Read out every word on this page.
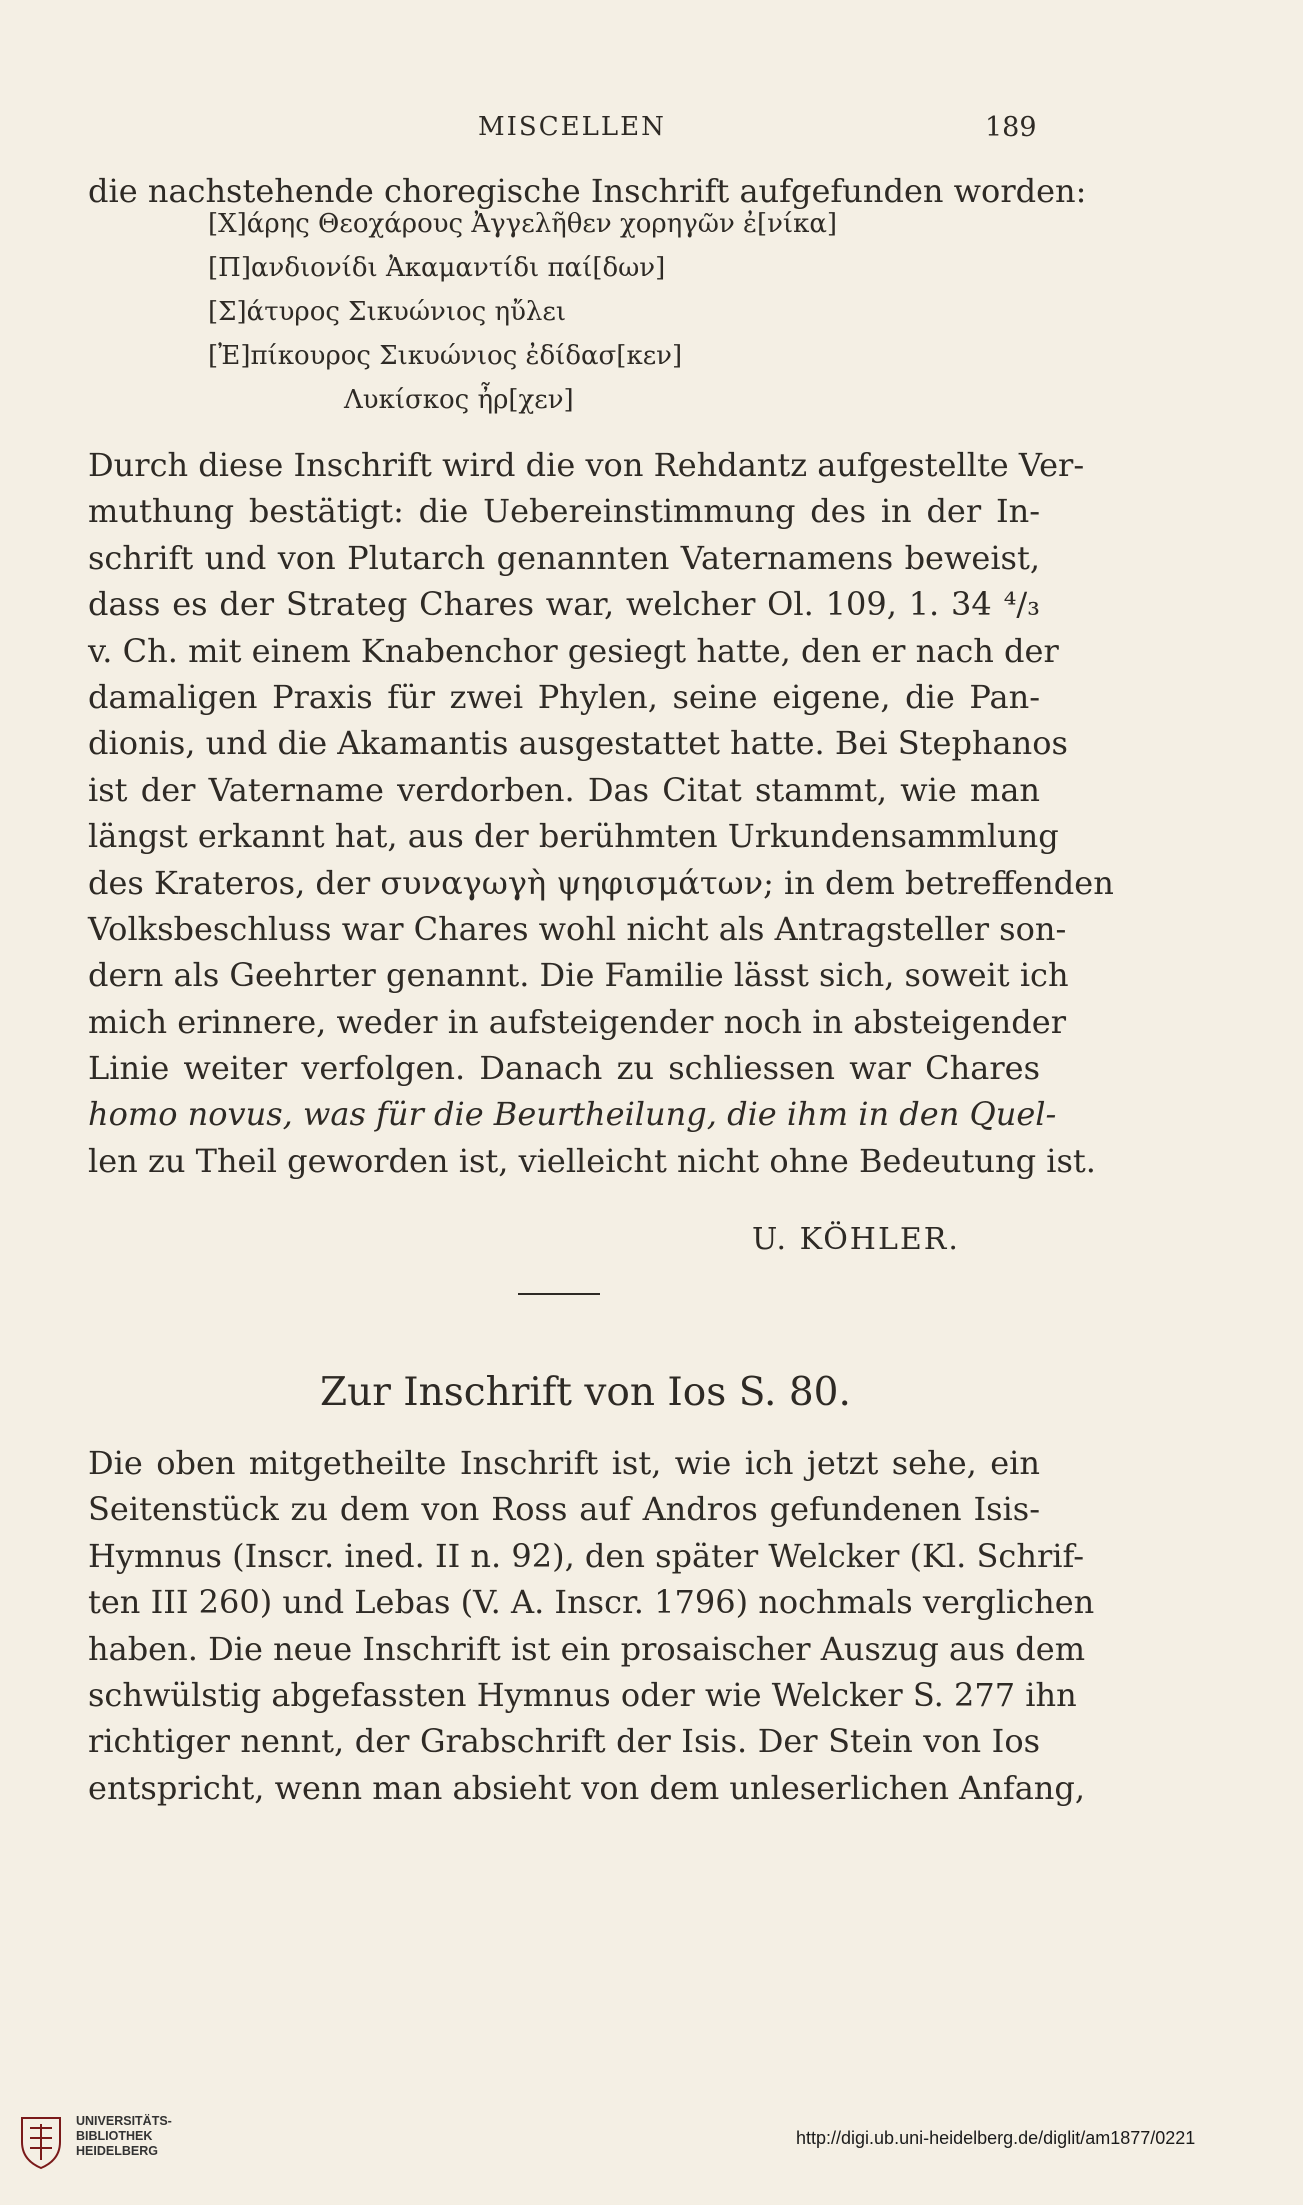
MISCELLEN	189
die nachstehende choregische Inschrift aufgefunden worden:
[Χ]άρης Θεοχάρους Ἀγγελῆθεν χορηγῶν ἐ[νίκα]
[Π]ανδιονίδι Ἀκαμαντίδι παί[δων]
[Σ]άτυρος Σικυώνιος ηὔλει
[Ἐ]πίκουρος Σικυώνιος ἐδίδασ[κεν]
Λυκίσκος ἦρ[χεν]
Durch diese Inschrift wird die von Rehdantz aufgestellte Ver-
muthung bestätigt: die Uebereinstimmung des in der In-
schrift und von Plutarch genannten Vaternamens beweist,
dass es der Strateg Chares war, welcher Ol. 109, 1. 34 ⁴/₃
v. Ch. mit einem Knabenchor gesiegt hatte, den er nach der
damaligen Praxis für zwei Phylen, seine eigene, die Pan-
dionis, und die Akamantis ausgestattet hatte. Bei Stephanos
ist der Vatername verdorben. Das Citat stammt, wie man
längst erkannt hat, aus der berühmten Urkundensammlung
des Krateros, der συναγωγὴ ψηφισμάτων; in dem betreffenden
Volksbeschluss war Chares wohl nicht als Antragsteller son-
dern als Geehrter genannt. Die Familie lässt sich, soweit ich
mich erinnere, weder in aufsteigender noch in absteigender
Linie weiter verfolgen. Danach zu schliessen war Chares
homo novus, was für die Beurtheilung, die ihm in den Quel-
len zu Theil geworden ist, vielleicht nicht ohne Bedeutung ist.
U. KÖHLER.
Zur Inschrift von Ios S. 80.
Die oben mitgetheilte Inschrift ist, wie ich jetzt sehe, ein
Seitenstück zu dem von Ross auf Andros gefundenen Isis-
Hymnus (Inscr. ined. II n. 92), den später Welcker (Kl. Schrif-
ten III 260) und Lebas (V. A. Inscr. 1796) nochmals verglichen
haben. Die neue Inschrift ist ein prosaischer Auszug aus dem
schwülstig abgefassten Hymnus oder wie Welcker S. 277 ihn
richtiger nennt, der Grabschrift der Isis. Der Stein von Ios
entspricht, wenn man absieht von dem unleserlichen Anfang,
UNIVERSITÄTS-
BIBLIOTHEK
HEIDELBERG
http://digi.ub.uni-heidelberg.de/diglit/am1877/0221
